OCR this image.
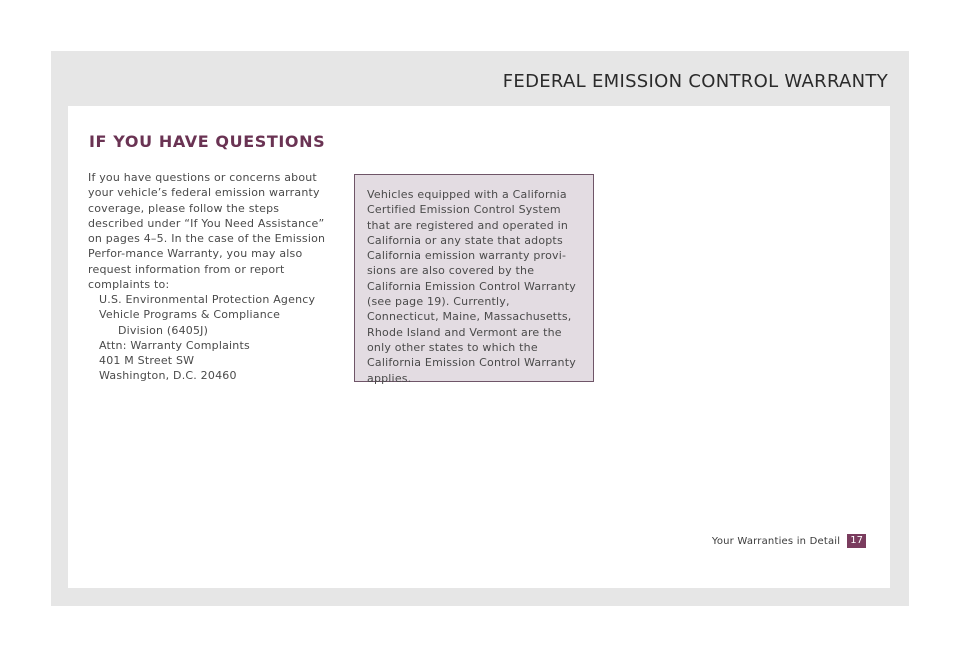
FEDERAL EMISSION CONTROL WARRANTY
IF YOU HAVE QUESTIONS

If you have questions or concerns about your vehicle’s federal emission warranty coverage, please follow the steps described under “If You Need Assistance” on pages 4–5. In the case of the Emission Perfor-mance Warranty, you may also request information from or report complaints to:

U.S. Environmental Protection Agency
Vehicle Programs & Compliance
Division (6405J)
Attn: Warranty Complaints
401 M Street SW
Washington, D.C. 20460

Vehicles equipped with a California Certified Emission Control System that are registered and operated in California or any state that adopts California emission warranty provi-sions are also covered by the California Emission Control Warranty (see page 19). Currently, Connecticut, Maine, Massachusetts, Rhode Island and Vermont are the only other states to which the California Emission Control Warranty applies.

Your Warranties in Detail	17
